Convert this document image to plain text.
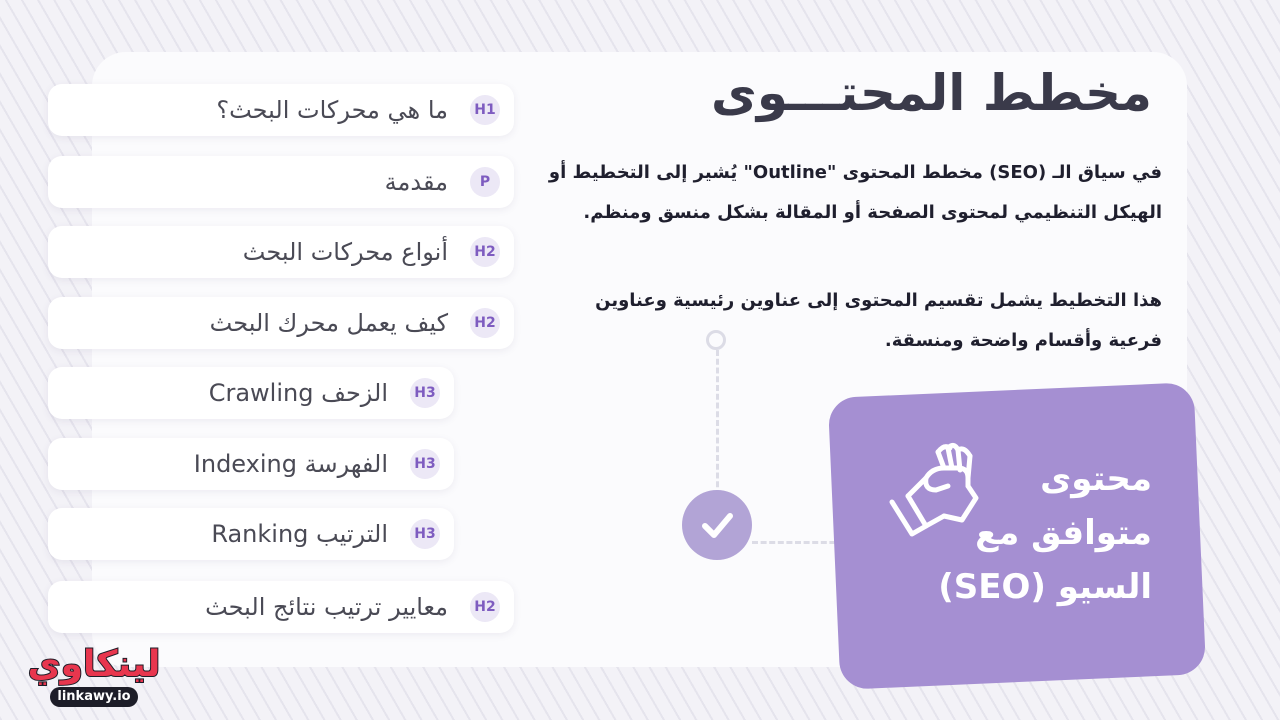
مخطط المحتـــوى

في سياق الـ (SEO) مخطط المحتوى "Outline" يُشير إلى التخطيط أو الهيكل التنظيمي لمحتوى الصفحة أو المقالة بشكل منسق ومنظم.

هذا التخطيط يشمل تقسيم المحتوى إلى عناوين رئيسية وعناوين فرعية وأقسام واضحة ومنسقة.

ما هي محركات البحث؟	H1
مقدمة	P
أنواع محركات البحث	H2
كيف يعمل محرك البحث	H2
الزحف Crawling	H3
الفهرسة Indexing	H3
الترتيب Ranking	H3
معايير ترتيب نتائج البحث	H2

محتوى
متوافق مع
السيو (SEO)

لينكاوي
linkawy.io
